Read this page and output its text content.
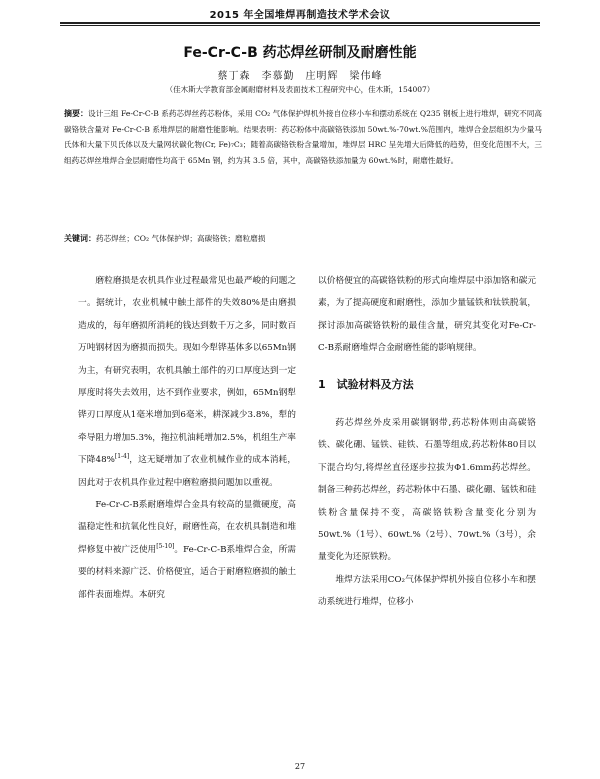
2015 年全国堆焊再制造技术学术会议
Fe-Cr-C-B 药芯焊丝研制及耐磨性能
蔡丁森　李慕勤　庄明辉　梁伟峰
（佳木斯大学教育部金属耐磨材料及表面技术工程研究中心，佳木斯，154007）
摘要：设计三组 Fe-Cr-C-B 系药芯焊丝药芯粉体，采用 CO₂ 气体保护焊机外接自位移小车和摆动系统在 Q235 钢板上进行堆焊，研究不同高碳铬铁含量对 Fe-Cr-C-B 系堆焊层的耐磨性能影响。结果表明：药芯粉体中高碳铬铁添加 50wt.%-70wt.%范围内，堆焊合金层组织为少量马氏体和大量下贝氏体以及大量网状碳化物(Cr, Fe)₇C₃；随着高碳铬铁粉含量增加，堆焊层 HRC 呈先增大后降低的趋势，但变化范围不大，三组药芯焊丝堆焊合金层耐磨性均高于 65Mn 钢，约为其 3.5 倍，其中，高碳铬铁添加量为 60wt.%时，耐磨性最好。
关键词：药芯焊丝；CO₂ 气体保护焊；高碳铬铁；磨粒磨损

磨粒磨损是农机具作业过程最常见也最严峻的问题之一。据统计，农业机械中触土部件的失效80%是由磨损造成的，每年磨损所消耗的钱达到数千万之多，同时数百万吨钢材因为磨损而损失。现如今犁铧基体多以65Mn钢为主，有研究表明，农机具触土部件的刃口厚度达到一定厚度时将失去效用，达不到作业要求，例如，65Mn钢犁铧刃口厚度从1毫米增加到6毫米，耕深减少3.8%，犁的牵导阻力增加5.3%，拖拉机油耗增加2.5%，机组生产率下降48%[1-4]，这无疑增加了农业机械作业的成本消耗，因此对于农机具作业过程中磨粒磨损问题加以重视。

Fe-Cr-C-B系耐磨堆焊合金具有较高的显微硬度，高温稳定性和抗氧化性良好，耐磨性高，在农机具制造和堆焊修复中被广泛使用[5-10]。Fe-Cr-C-B系堆焊合金，所需要的材料来源广泛、价格便宜，适合于耐磨粒磨损的触土部件表面堆焊。本研究

以价格便宜的高碳铬铁粉的形式向堆焊层中添加铬和碳元素，为了提高硬度和耐磨性，添加少量锰铁和钛铁脱氧，探讨添加高碳铬铁粉的最佳含量，研究其变化对Fe-Cr-C-B系耐磨堆焊合金耐磨性能的影响规律。

1　试验材料及方法

药芯焊丝外皮采用碳钢钢带,药芯粉体则由高碳铬铁、碳化硼、锰铁、硅铁、石墨等组成,药芯粉体80目以下混合均匀,将焊丝直径逐步拉拔为Φ1.6mm药芯焊丝。制备三种药芯焊丝，药芯粉体中石墨、碳化硼、锰铁和硅铁粉含量保持不变，高碳铬铁粉含量变化分别为50wt.%（1号）、60wt.%（2号）、70wt.%（3号），余量变化为还原铁粉。

堆焊方法采用CO₂气体保护焊机外接自位移小车和摆动系统进行堆焊，位移小

27
